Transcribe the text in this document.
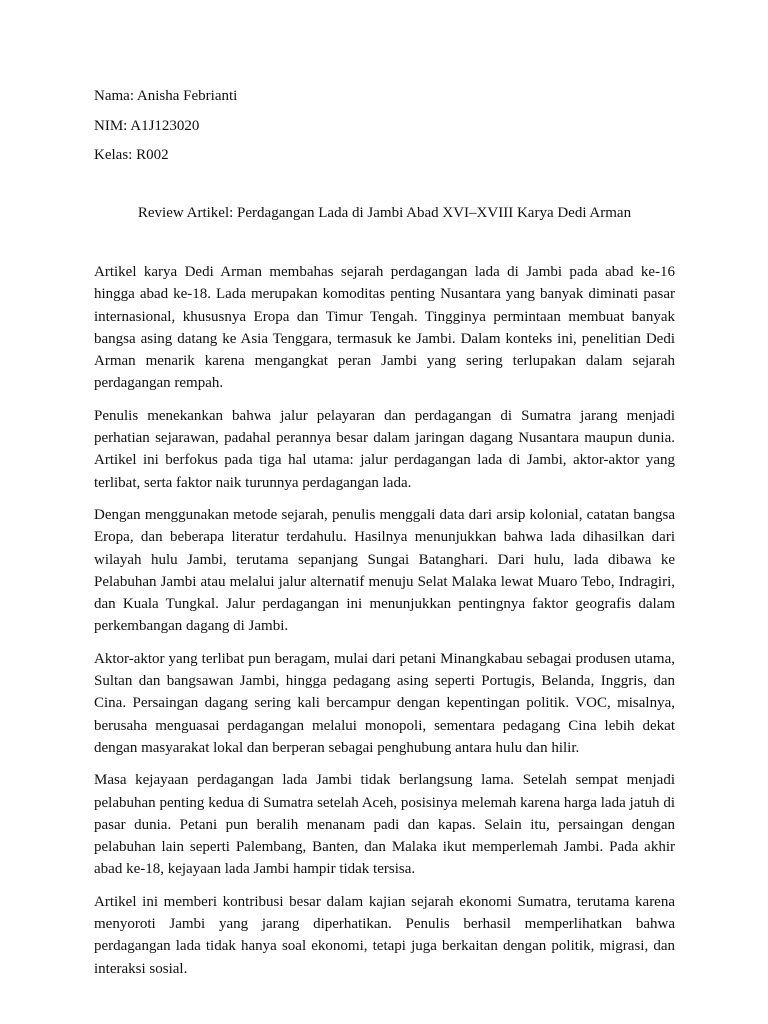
Nama: Anisha Febrianti
NIM: A1J123020
Kelas: R002
Review Artikel: Perdagangan Lada di Jambi Abad XVI–XVIII Karya Dedi Arman

Artikel karya Dedi Arman membahas sejarah perdagangan lada di Jambi pada abad ke-16 hingga abad ke-18. Lada merupakan komoditas penting Nusantara yang banyak diminati pasar internasional, khususnya Eropa dan Timur Tengah. Tingginya permintaan membuat banyak bangsa asing datang ke Asia Tenggara, termasuk ke Jambi. Dalam konteks ini, penelitian Dedi Arman menarik karena mengangkat peran Jambi yang sering terlupakan dalam sejarah perdagangan rempah.

Penulis menekankan bahwa jalur pelayaran dan perdagangan di Sumatra jarang menjadi perhatian sejarawan, padahal perannya besar dalam jaringan dagang Nusantara maupun dunia. Artikel ini berfokus pada tiga hal utama: jalur perdagangan lada di Jambi, aktor-aktor yang terlibat, serta faktor naik turunnya perdagangan lada.

Dengan menggunakan metode sejarah, penulis menggali data dari arsip kolonial, catatan bangsa Eropa, dan beberapa literatur terdahulu. Hasilnya menunjukkan bahwa lada dihasilkan dari wilayah hulu Jambi, terutama sepanjang Sungai Batanghari. Dari hulu, lada dibawa ke Pelabuhan Jambi atau melalui jalur alternatif menuju Selat Malaka lewat Muaro Tebo, Indragiri, dan Kuala Tungkal. Jalur perdagangan ini menunjukkan pentingnya faktor geografis dalam perkembangan dagang di Jambi.

Aktor-aktor yang terlibat pun beragam, mulai dari petani Minangkabau sebagai produsen utama, Sultan dan bangsawan Jambi, hingga pedagang asing seperti Portugis, Belanda, Inggris, dan Cina. Persaingan dagang sering kali bercampur dengan kepentingan politik. VOC, misalnya, berusaha menguasai perdagangan melalui monopoli, sementara pedagang Cina lebih dekat dengan masyarakat lokal dan berperan sebagai penghubung antara hulu dan hilir.

Masa kejayaan perdagangan lada Jambi tidak berlangsung lama. Setelah sempat menjadi pelabuhan penting kedua di Sumatra setelah Aceh, posisinya melemah karena harga lada jatuh di pasar dunia. Petani pun beralih menanam padi dan kapas. Selain itu, persaingan dengan pelabuhan lain seperti Palembang, Banten, dan Malaka ikut memperlemah Jambi. Pada akhir abad ke-18, kejayaan lada Jambi hampir tidak tersisa.

Artikel ini memberi kontribusi besar dalam kajian sejarah ekonomi Sumatra, terutama karena menyoroti Jambi yang jarang diperhatikan. Penulis berhasil memperlihatkan bahwa perdagangan lada tidak hanya soal ekonomi, tetapi juga berkaitan dengan politik, migrasi, dan interaksi sosial.
